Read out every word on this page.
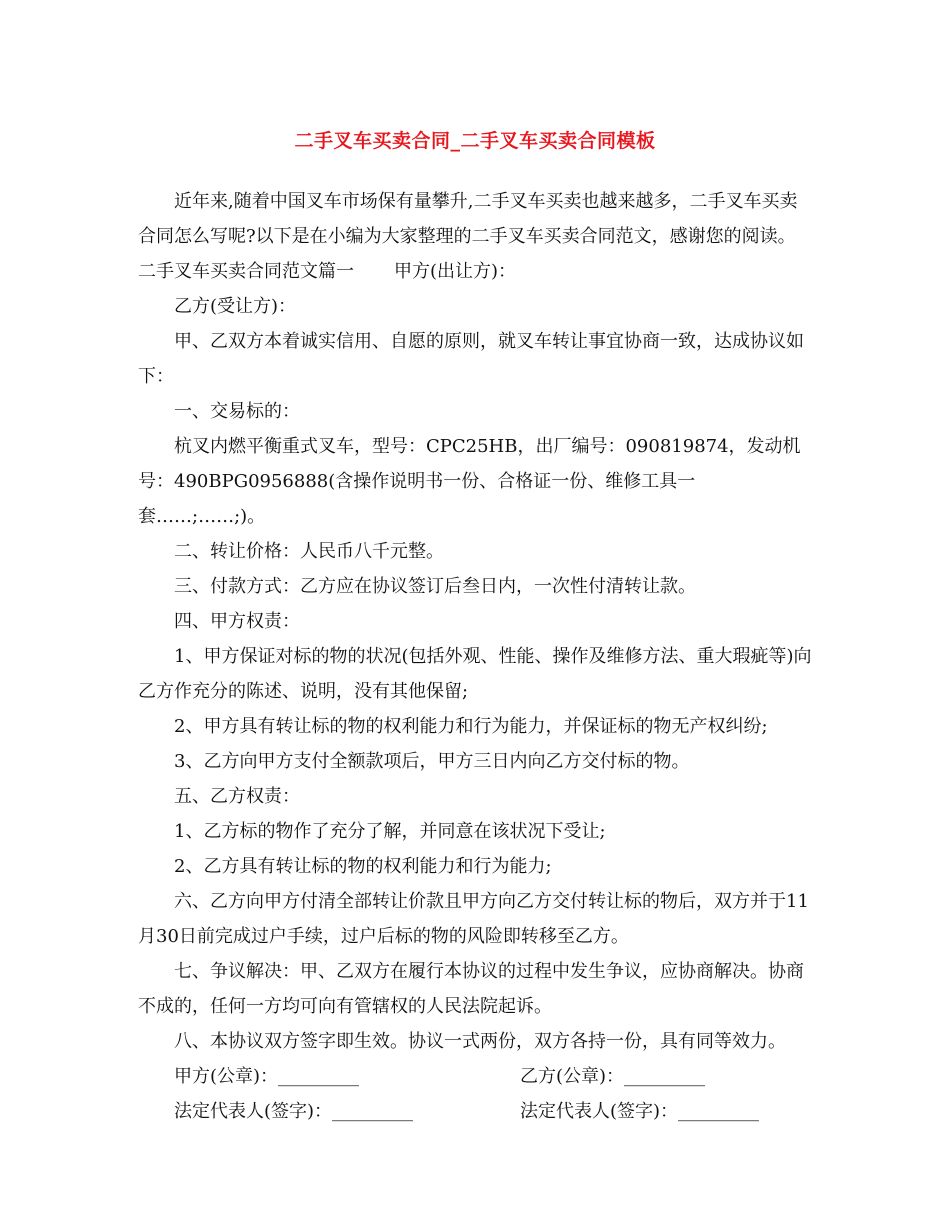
二手叉车买卖合同_二手叉车买卖合同模板

近年来,随着中国叉车市场保有量攀升,二手叉车买卖也越来越多，二手叉车买卖合同怎么写呢?以下是在小编为大家整理的二手叉车买卖合同范文，感谢您的阅读。

二手叉车买卖合同范文篇一 甲方(出让方)：

乙方(受让方)：

甲、乙双方本着诚实信用、自愿的原则，就叉车转让事宜协商一致，达成协议如下：

一、交易标的：

杭叉内燃平衡重式叉车，型号：CPC25HB，出厂编号：090819874，发动机号：490BPG0956888(含操作说明书一份、合格证一份、维修工具一套……;……;)。

二、转让价格：人民币八千元整。

三、付款方式：乙方应在协议签订后叁日内，一次性付清转让款。

四、甲方权责：

1、甲方保证对标的物的状况(包括外观、性能、操作及维修方法、重大瑕疵等)向乙方作充分的陈述、说明，没有其他保留;

2、甲方具有转让标的物的权利能力和行为能力，并保证标的物无产权纠纷;

3、乙方向甲方支付全额款项后，甲方三日内向乙方交付标的物。

五、乙方权责：

1、乙方标的物作了充分了解，并同意在该状况下受让;

2、乙方具有转让标的物的权利能力和行为能力;

六、乙方向甲方付清全部转让价款且甲方向乙方交付转让标的物后，双方并于11月30日前完成过户手续，过户后标的物的风险即转移至乙方。

七、争议解决：甲、乙双方在履行本协议的过程中发生争议，应协商解决。协商不成的，任何一方均可向有管辖权的人民法院起诉。

八、本协议双方签字即生效。协议一式两份，双方各持一份，具有同等效力。

甲方(公章)：_________	乙方(公章)：_________
法定代表人(签字)：_________	法定代表人(签字)：_________
